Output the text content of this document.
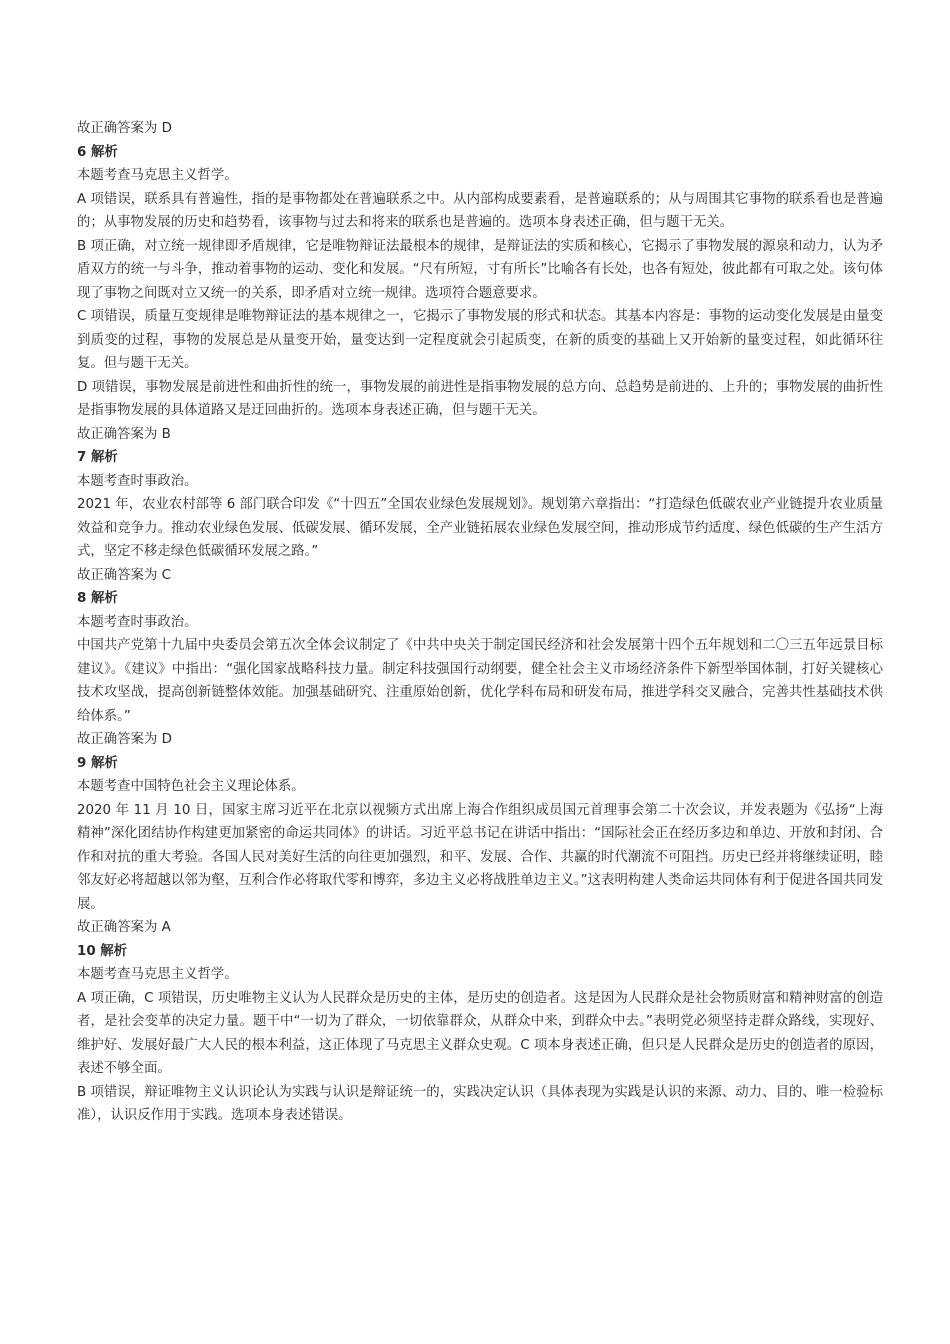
故正确答案为 D

6 解析

本题考查马克思主义哲学。

A 项错误，联系具有普遍性，指的是事物都处在普遍联系之中。从内部构成要素看，是普遍联系的；从与周围其它事物的联系看也是普遍的；从事物发展的历史和趋势看，该事物与过去和将来的联系也是普遍的。选项本身表述正确，但与题干无关。

B 项正确，对立统一规律即矛盾规律，它是唯物辩证法最根本的规律，是辩证法的实质和核心，它揭示了事物发展的源泉和动力，认为矛盾双方的统一与斗争，推动着事物的运动、变化和发展。“尺有所短，寸有所长”比喻各有长处，也各有短处，彼此都有可取之处。该句体现了事物之间既对立又统一的关系，即矛盾对立统一规律。选项符合题意要求。

C 项错误，质量互变规律是唯物辩证法的基本规律之一，它揭示了事物发展的形式和状态。其基本内容是：事物的运动变化发展是由量变到质变的过程，事物的发展总是从量变开始，量变达到一定程度就会引起质变，在新的质变的基础上又开始新的量变过程，如此循环往复。但与题干无关。

D 项错误，事物发展是前进性和曲折性的统一，事物发展的前进性是指事物发展的总方向、总趋势是前进的、上升的；事物发展的曲折性是指事物发展的具体道路又是迂回曲折的。选项本身表述正确，但与题干无关。

故正确答案为 B

7 解析

本题考查时事政治。

2021 年，农业农村部等 6 部门联合印发《“十四五”全国农业绿色发展规划》。规划第六章指出：“打造绿色低碳农业产业链提升农业质量效益和竞争力。推动农业绿色发展、低碳发展、循环发展，全产业链拓展农业绿色发展空间，推动形成节约适度、绿色低碳的生产生活方式，坚定不移走绿色低碳循环发展之路。”

故正确答案为 C

8 解析

本题考查时事政治。

中国共产党第十九届中央委员会第五次全体会议制定了《中共中央关于制定国民经济和社会发展第十四个五年规划和二〇三五年远景目标建议》。《建议》中指出：“强化国家战略科技力量。制定科技强国行动纲要，健全社会主义市场经济条件下新型举国体制，打好关键核心技术攻坚战，提高创新链整体效能。加强基础研究、注重原始创新，优化学科布局和研发布局，推进学科交叉融合，完善共性基础技术供给体系。”

故正确答案为 D

9 解析

本题考查中国特色社会主义理论体系。

2020 年 11 月 10 日，国家主席习近平在北京以视频方式出席上海合作组织成员国元首理事会第二十次会议，并发表题为《弘扬“上海精神”深化团结协作构建更加紧密的命运共同体》的讲话。习近平总书记在讲话中指出：“国际社会正在经历多边和单边、开放和封闭、合作和对抗的重大考验。各国人民对美好生活的向往更加强烈，和平、发展、合作、共赢的时代潮流不可阻挡。历史已经并将继续证明，睦邻友好必将超越以邻为壑，互利合作必将取代零和博弈，多边主义必将战胜单边主义。”这表明构建人类命运共同体有利于促进各国共同发展。

故正确答案为 A

10 解析

本题考查马克思主义哲学。

A 项正确，C 项错误，历史唯物主义认为人民群众是历史的主体，是历史的创造者。这是因为人民群众是社会物质财富和精神财富的创造者，是社会变革的决定力量。题干中“一切为了群众，一切依靠群众，从群众中来，到群众中去。”表明党必须坚持走群众路线，实现好、维护好、发展好最广大人民的根本利益，这正体现了马克思主义群众史观。C 项本身表述正确，但只是人民群众是历史的创造者的原因，表述不够全面。

B 项错误，辩证唯物主义认识论认为实践与认识是辩证统一的，实践决定认识（具体表现为实践是认识的来源、动力、目的、唯一检验标准），认识反作用于实践。选项本身表述错误。
